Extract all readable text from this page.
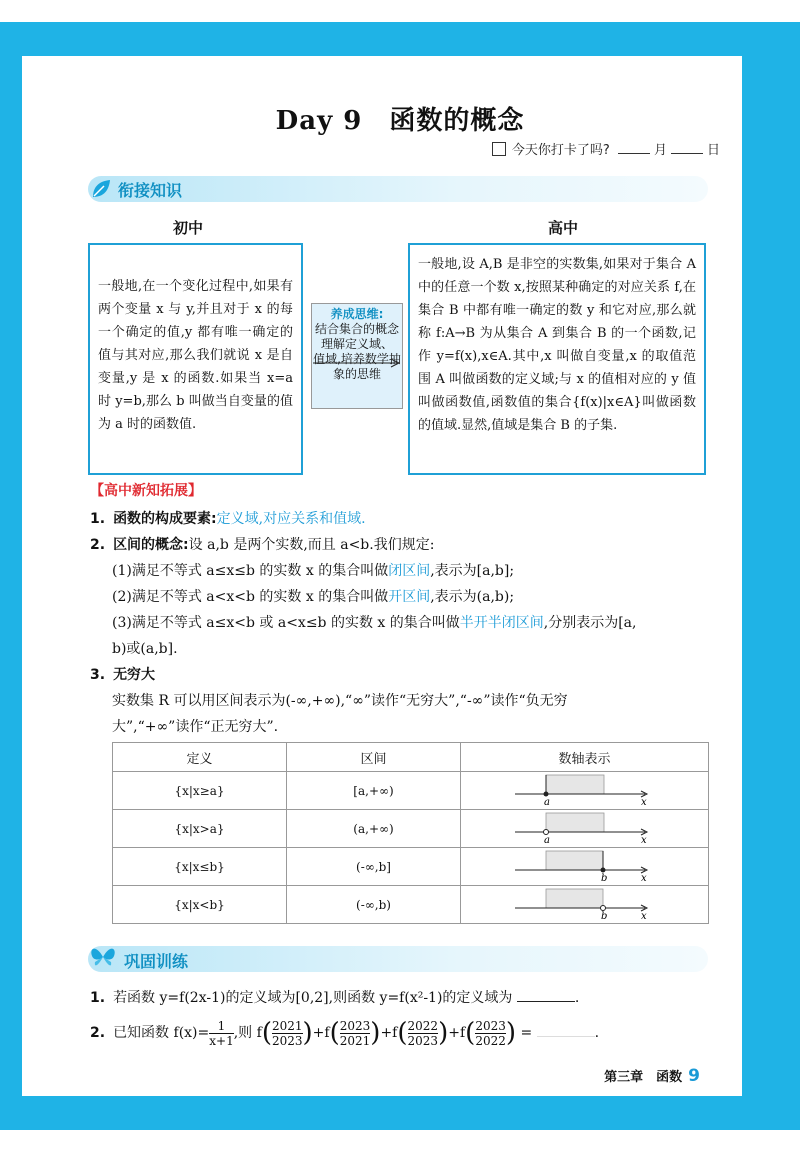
Day 9　函数的概念
今天你打卡了吗?	月	日
衔接知识
初中	高中
一般地,在一个变化过程中,如果有两个变量 x 与 y,并且对于 x 的每一个确定的值,y 都有唯一确定的值与其对应,那么我们就说 x 是自变量,y 是 x 的函数.如果当 x=a 时 y=b,那么 b 叫做当自变量的值为 a 时的函数值.
养成思维:
结合集合的概念理解定义域、
值域,培养数学抽象的思维
一般地,设 A,B 是非空的实数集,如果对于集合 A 中的任意一个数 x,按照某种确定的对应关系 f,在集合 B 中都有唯一确定的数 y 和它对应,那么就称 f:A→B 为从集合 A 到集合 B 的一个函数,记作 y=f(x),x∈A.其中,x 叫做自变量,x 的取值范围 A 叫做函数的定义域;与 x 的值相对应的 y 值叫做函数值,函数值的集合{f(x)|x∈A}叫做函数的值域.显然,值域是集合 B 的子集.
【高中新知拓展】
1. 函数的构成要素:定义域,对应关系和值域.
2. 区间的概念:设 a,b 是两个实数,而且 a<b.我们规定:
(1)满足不等式 a≤x≤b 的实数 x 的集合叫做闭区间,表示为[a,b];
(2)满足不等式 a<x<b 的实数 x 的集合叫做开区间,表示为(a,b);
(3)满足不等式 a≤x<b 或 a<x≤b 的实数 x 的集合叫做半开半闭区间,分别表示为[a,
b)或(a,b].
3. 无穷大
实数集 R 可以用区间表示为(-∞,+∞),“∞”读作“无穷大”,“-∞”读作“负无穷
大”,“+∞”读作“正无穷大”.
定义	区间	数轴表示
{x|x≥a}	[a,+∞)	a x

{x|x>a}	(a,+∞)	a x

{x|x≤b}	(-∞,b]	b x

{x|x<b}	(-∞,b)	b x
巩固训练
1. 若函数 y=f(2x-1)的定义域为[0,2],则函数 y=f(x²-1)的定义域为	.
2. 已知函数 $f(x)= \frac{1}{x+1}$ ,则 $f( \frac{2021}{2023} )+f( \frac{2023}{2021} )+f( \frac{2022}{2023} )+f( \frac{2023}{2022}$ ) =	.
第三章　函数 9
